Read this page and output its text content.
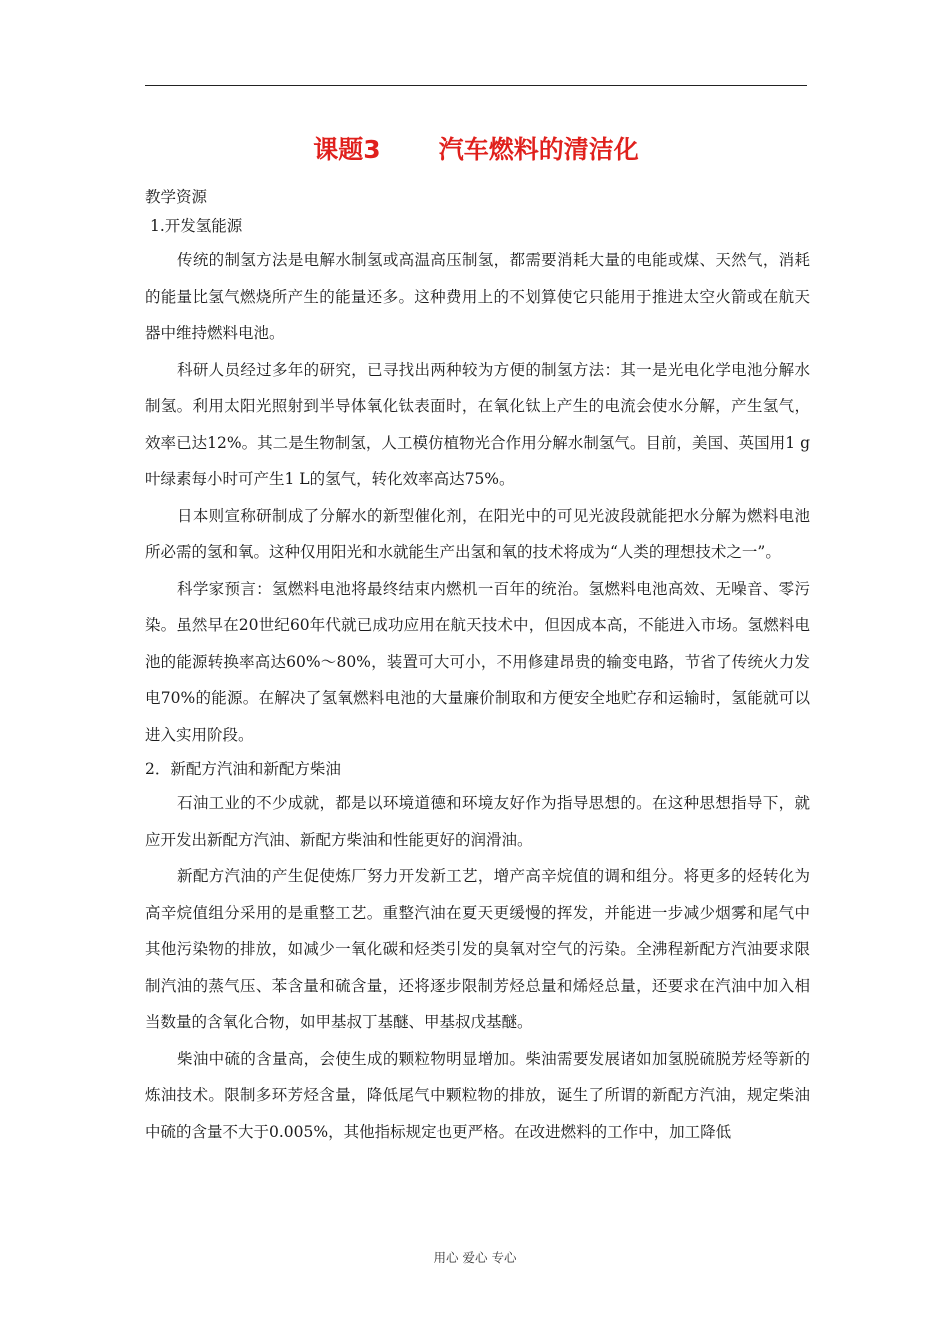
课题3 汽车燃料的清洁化

教学资源

1.开发氢能源

传统的制氢方法是电解水制氢或高温高压制氢，都需要消耗大量的电能或煤、天然气，消耗的能量比氢气燃烧所产生的能量还多。这种费用上的不划算使它只能用于推进太空火箭或在航天器中维持燃料电池。

科研人员经过多年的研究，已寻找出两种较为方便的制氢方法：其一是光电化学电池分解水制氢。利用太阳光照射到半导体氧化钛表面时，在氧化钛上产生的电流会使水分解，产生氢气，效率已达12%。其二是生物制氢，人工模仿植物光合作用分解水制氢气。目前，美国、英国用1 g叶绿素每小时可产生1 L的氢气，转化效率高达75%。

日本则宣称研制成了分解水的新型催化剂，在阳光中的可见光波段就能把水分解为燃料电池所必需的氢和氧。这种仅用阳光和水就能生产出氢和氧的技术将成为“人类的理想技术之一”。

科学家预言：氢燃料电池将最终结束内燃机一百年的统治。氢燃料电池高效、无噪音、零污染。虽然早在20世纪60年代就已成功应用在航天技术中，但因成本高，不能进入市场。氢燃料电池的能源转换率高达60%～80%，装置可大可小，不用修建昂贵的输变电路，节省了传统火力发电70%的能源。在解决了氢氧燃料电池的大量廉价制取和方便安全地贮存和运输时，氢能就可以进入实用阶段。

2．新配方汽油和新配方柴油

石油工业的不少成就，都是以环境道德和环境友好作为指导思想的。在这种思想指导下，就应开发出新配方汽油、新配方柴油和性能更好的润滑油。

新配方汽油的产生促使炼厂努力开发新工艺，增产高辛烷值的调和组分。将更多的烃转化为高辛烷值组分采用的是重整工艺。重整汽油在夏天更缓慢的挥发，并能进一步减少烟雾和尾气中其他污染物的排放，如减少一氧化碳和烃类引发的臭氧对空气的污染。全沸程新配方汽油要求限制汽油的蒸气压、苯含量和硫含量，还将逐步限制芳烃总量和烯烃总量，还要求在汽油中加入相当数量的含氧化合物，如甲基叔丁基醚、甲基叔戊基醚。

柴油中硫的含量高，会使生成的颗粒物明显增加。柴油需要发展诸如加氢脱硫脱芳烃等新的炼油技术。限制多环芳烃含量，降低尾气中颗粒物的排放，诞生了所谓的新配方汽油，规定柴油中硫的含量不大于0.005%，其他指标规定也更严格。在改进燃料的工作中，加工降低

用心 爱心 专心
